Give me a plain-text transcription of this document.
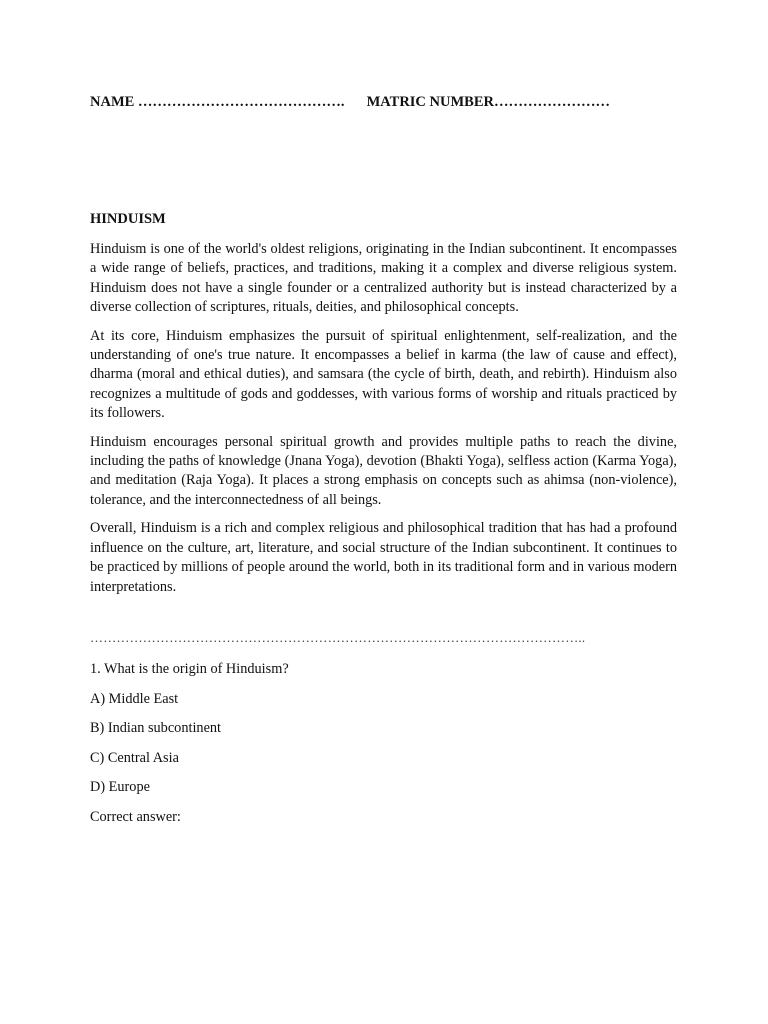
NAME ……………………………………. MATRIC NUMBER……………………
HINDUISM

Hinduism is one of the world's oldest religions, originating in the Indian subcontinent. It encompasses a wide range of beliefs, practices, and traditions, making it a complex and diverse religious system. Hinduism does not have a single founder or a centralized authority but is instead characterized by a diverse collection of scriptures, rituals, deities, and philosophical concepts.

At its core, Hinduism emphasizes the pursuit of spiritual enlightenment, self-realization, and the understanding of one's true nature. It encompasses a belief in karma (the law of cause and effect), dharma (moral and ethical duties), and samsara (the cycle of birth, death, and rebirth). Hinduism also recognizes a multitude of gods and goddesses, with various forms of worship and rituals practiced by its followers.

Hinduism encourages personal spiritual growth and provides multiple paths to reach the divine, including the paths of knowledge (Jnana Yoga), devotion (Bhakti Yoga), selfless action (Karma Yoga), and meditation (Raja Yoga). It places a strong emphasis on concepts such as ahimsa (non-violence), tolerance, and the interconnectedness of all beings.

Overall, Hinduism is a rich and complex religious and philosophical tradition that has had a profound influence on the culture, art, literature, and social structure of the Indian subcontinent. It continues to be practiced by millions of people around the world, both in its traditional form and in various modern interpretations.

…………………………………………………………………………………………………..

1. What is the origin of Hinduism?

A) Middle East

B) Indian subcontinent

C) Central Asia

D) Europe

Correct answer:
